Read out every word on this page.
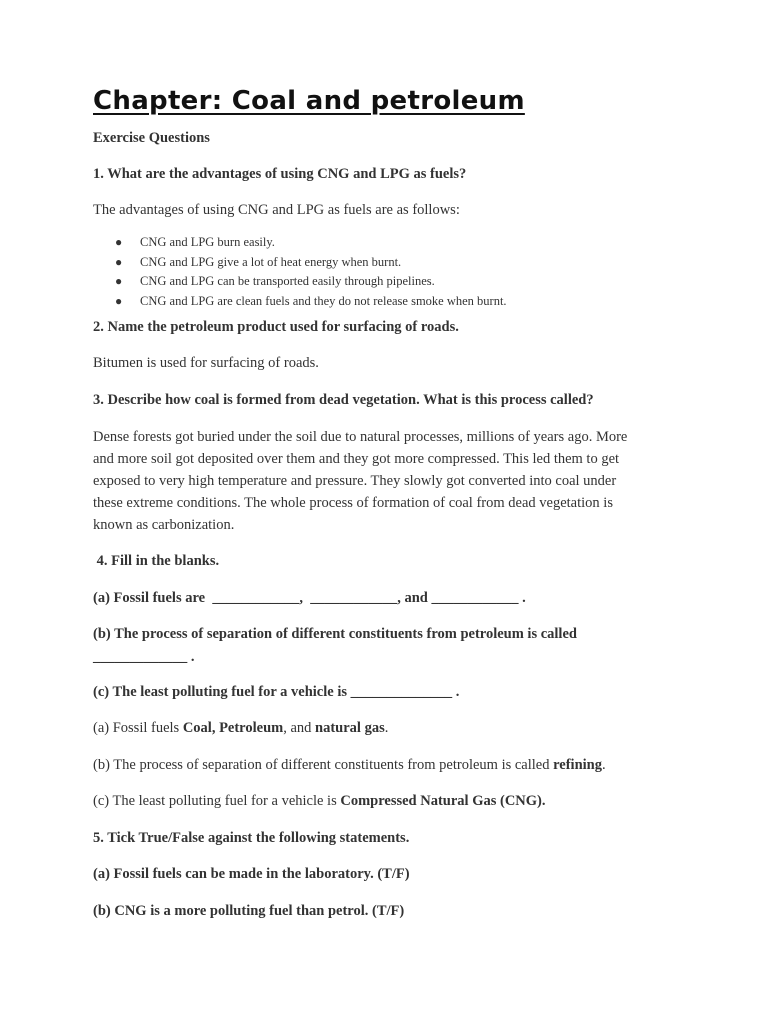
Chapter: Coal and petroleum
Exercise Questions
1. What are the advantages of using CNG and LPG as fuels?
The advantages of using CNG and LPG as fuels are as follows:
● CNG and LPG burn easily.
● CNG and LPG give a lot of heat energy when burnt.
● CNG and LPG can be transported easily through pipelines.
● CNG and LPG are clean fuels and they do not release smoke when burnt.
2. Name the petroleum product used for surfacing of roads.
Bitumen is used for surfacing of roads.
3. Describe how coal is formed from dead vegetation. What is this process called?
Dense forests got buried under the soil due to natural processes, millions of years ago. More
and more soil got deposited over them and they got more compressed. This led them to get
exposed to very high temperature and pressure. They slowly got converted into coal under
these extreme conditions. The whole process of formation of coal from dead vegetation is
known as carbonization.
4. Fill in the blanks.
(a) Fossil fuels are  ____________,  ____________, and ____________ .
(b) The process of separation of different constituents from petroleum is called
_____________ .
(c) The least polluting fuel for a vehicle is ______________ .
(a) Fossil fuels Coal, Petroleum, and natural gas.
(b) The process of separation of different constituents from petroleum is called refining.
(c) The least polluting fuel for a vehicle is Compressed Natural Gas (CNG).
5. Tick True/False against the following statements.
(a) Fossil fuels can be made in the laboratory. (T/F)
(b) CNG is a more polluting fuel than petrol. (T/F)
